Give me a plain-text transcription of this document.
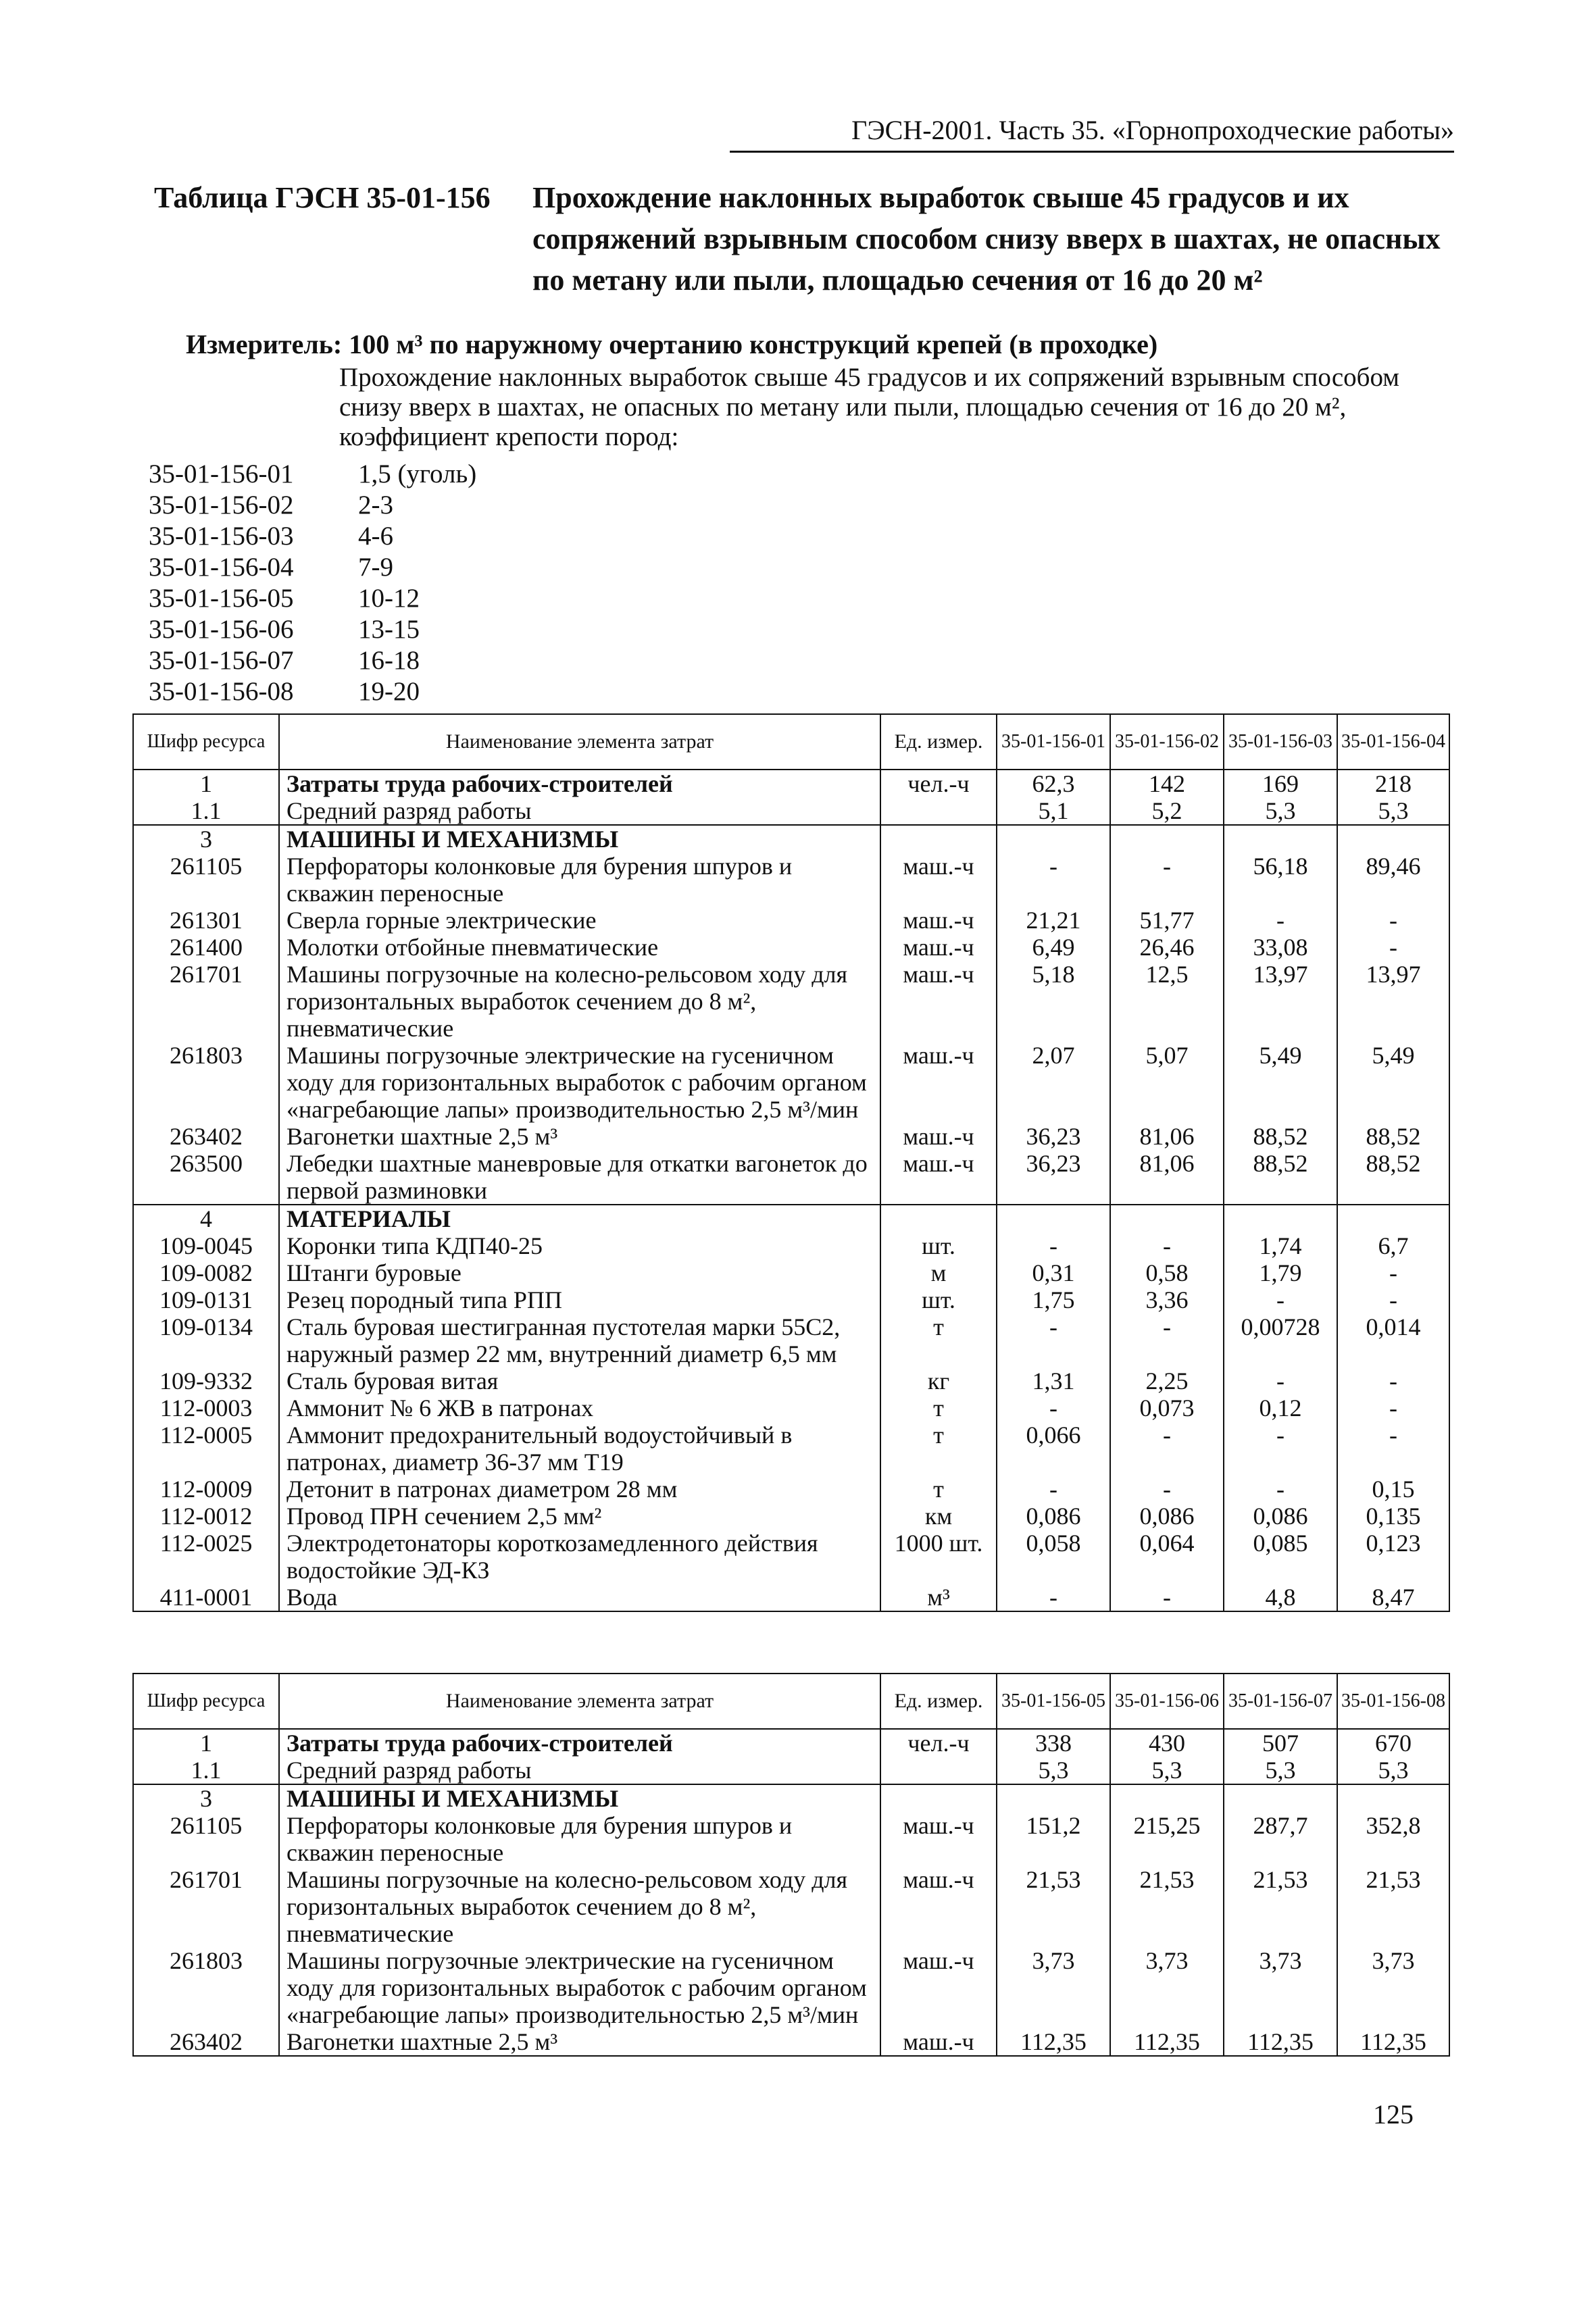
ГЭСН-2001. Часть 35. «Горнопроходческие работы»
Таблица ГЭСН 35-01-156 Прохождение наклонных выработок свыше 45 градусов и их сопряжений взрывным способом снизу вверх в шахтах, не опасных по метану или пыли, площадью сечения от 16 до 20 м²
Измеритель: 100 м³ по наружному очертанию конструкций крепей (в проходке)
Прохождение наклонных выработок свыше 45 градусов и их сопряжений взрывным способом снизу вверх в шахтах, не опасных по метану или пыли, площадью сечения от 16 до 20 м², коэффициент крепости пород:
35-01-156-01	1,5 (уголь)
35-01-156-02	2-3
35-01-156-03	4-6
35-01-156-04	7-9
35-01-156-05	10-12
35-01-156-06	13-15
35-01-156-07	16-18
35-01-156-08	19-20
Шифр ресурса	Наименование элемента затрат	Ед. измер.	35-01-156-01	35-01-156-02	35-01-156-03	35-01-156-04
1	Затраты труда рабочих-строителей	чел.-ч	62,3	142	169	218
1.1	Средний разряд работы		5,1	5,2	5,3	5,3
3	МАШИНЫ И МЕХАНИЗМЫ					
261105	Перфораторы колонковые для бурения шпуров и скважин переносные	маш.-ч	-	-	56,18	89,46
261301	Сверла горные электрические	маш.-ч	21,21	51,77	-	-
261400	Молотки отбойные пневматические	маш.-ч	6,49	26,46	33,08	-
261701	Машины погрузочные на колесно-рельсовом ходу для горизонтальных выработок сечением до 8 м², пневматические	маш.-ч	5,18	12,5	13,97	13,97
261803	Машины погрузочные электрические на гусеничном ходу для горизонтальных выработок с рабочим органом «нагребающие лапы» производительностью 2,5 м³/мин	маш.-ч	2,07	5,07	5,49	5,49
263402	Вагонетки шахтные 2,5 м³	маш.-ч	36,23	81,06	88,52	88,52
263500	Лебедки шахтные маневровые для откатки вагонеток до первой разминовки	маш.-ч	36,23	81,06	88,52	88,52
4	МАТЕРИАЛЫ					
109-0045	Коронки типа КДП40-25	шт.	-	-	1,74	6,7
109-0082	Штанги буровые	м	0,31	0,58	1,79	-
109-0131	Резец породный типа РПП	шт.	1,75	3,36	-	-
109-0134	Сталь буровая шестигранная пустотелая марки 55С2, наружный размер 22 мм, внутренний диаметр 6,5 мм	т	-	-	0,00728	0,014
109-9332	Сталь буровая витая	кг	1,31	2,25	-	-
112-0003	Аммонит № 6 ЖВ в патронах	т	-	0,073	0,12	-
112-0005	Аммонит предохранительный водоустойчивый в патронах, диаметр 36-37 мм Т19	т	0,066	-	-	-
112-0009	Детонит в патронах диаметром 28 мм	т	-	-	-	0,15
112-0012	Провод ПРН сечением 2,5 мм²	км	0,086	0,086	0,086	0,135
112-0025	Электродетонаторы короткозамедленного действия водостойкие ЭД-КЗ	1000 шт.	0,058	0,064	0,085	0,123
411-0001	Вода	м³	-	-	4,8	8,47
Шифр ресурса	Наименование элемента затрат	Ед. измер.	35-01-156-05	35-01-156-06	35-01-156-07	35-01-156-08
1	Затраты труда рабочих-строителей	чел.-ч	338	430	507	670
1.1	Средний разряд работы		5,3	5,3	5,3	5,3
3	МАШИНЫ И МЕХАНИЗМЫ					
261105	Перфораторы колонковые для бурения шпуров и скважин переносные	маш.-ч	151,2	215,25	287,7	352,8
261701	Машины погрузочные на колесно-рельсовом ходу для горизонтальных выработок сечением до 8 м², пневматические	маш.-ч	21,53	21,53	21,53	21,53
261803	Машины погрузочные электрические на гусеничном ходу для горизонтальных выработок с рабочим органом «нагребающие лапы» производительностью 2,5 м³/мин	маш.-ч	3,73	3,73	3,73	3,73
263402	Вагонетки шахтные 2,5 м³	маш.-ч	112,35	112,35	112,35	112,35
125
